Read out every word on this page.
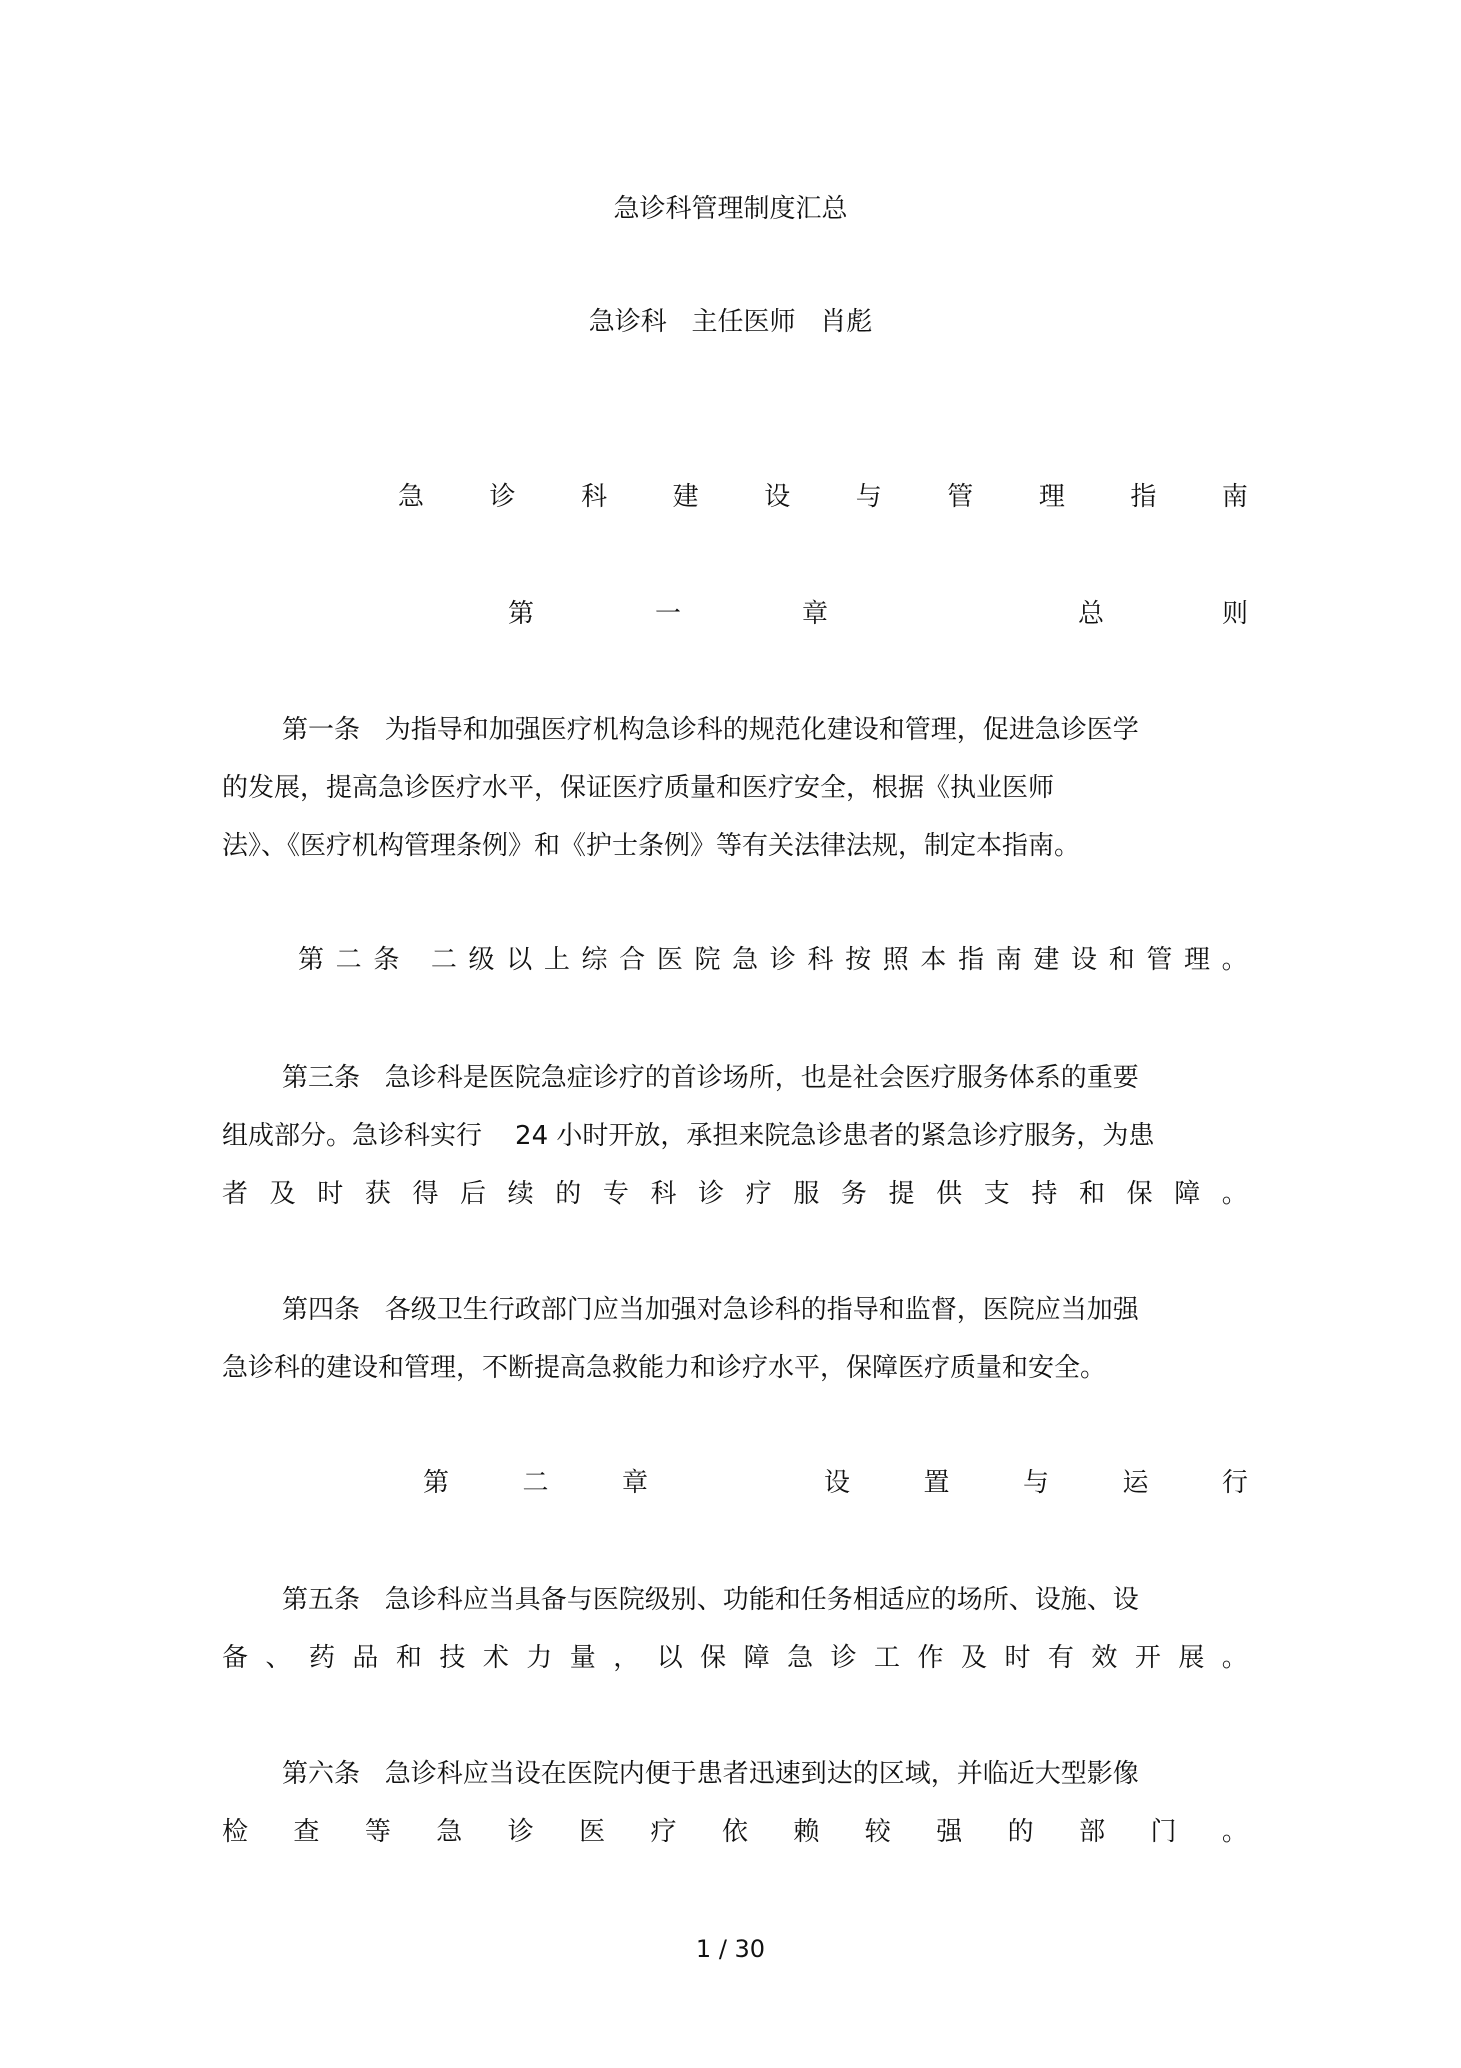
急诊科管理制度汇总
急诊科   主任医师   肖彪
急	诊	科	建	设	与	管	理	指	南
第	一	章	总	则
第一条   为指导和加强医疗机构急诊科的规范化建设和管理，促进急诊医学
的发展，提高急诊医疗水平，保证医疗质量和医疗安全，根据《执业医师
法》、《医疗机构管理条例》和《护士条例》等有关法律法规，制定本指南。
第 二 条
二 级 以 上 综 合 医 院 急 诊 科 按 照 本 指 南 建 设 和 管 理 。
第三条   急诊科是医院急症诊疗的首诊场所，也是社会医疗服务体系的重要
组成部分。急诊科实行    24 小时开放，承担来院急诊患者的紧急诊疗服务，为患
者 及 时 获 得 后 续 的 专 科 诊 疗 服 务 提 供 支 持 和 保 障 。
第四条   各级卫生行政部门应当加强对急诊科的指导和监督，医院应当加强
急诊科的建设和管理，不断提高急救能力和诊疗水平，保障医疗质量和安全。
第	二	章	设	置	与	运	行
第五条   急诊科应当具备与医院级别、功能和任务相适应的场所、设施、设
备 、 药 品 和 技 术 力 量 ， 以 保 障 急 诊 工 作 及 时 有 效 开 展 。
第六条   急诊科应当设在医院内便于患者迅速到达的区域，并临近大型影像
检 查 等 急 诊 医 疗 依 赖 较 强 的 部 门 。
1 / 30
